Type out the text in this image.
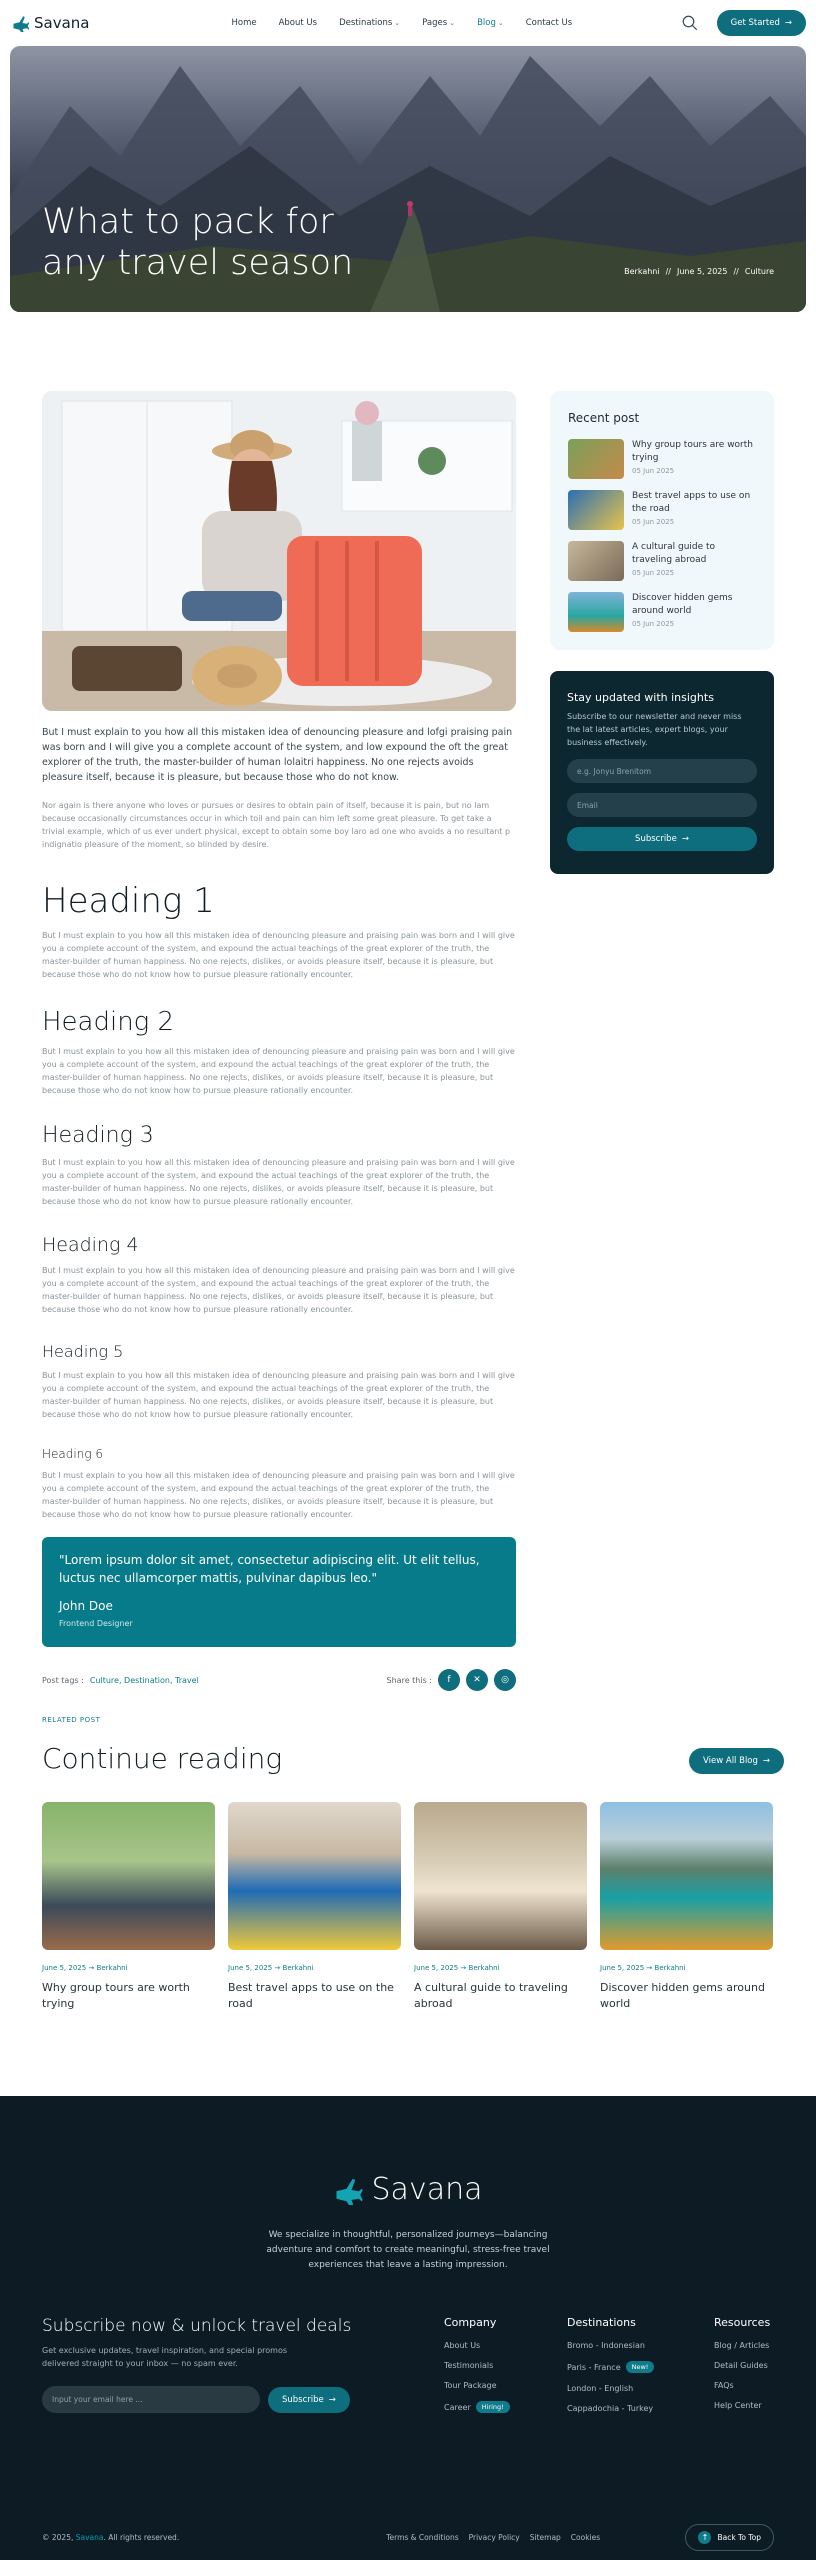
Savana	Home	About Us	Destinations ⌄	Pages ⌄	Blog ⌄	Contact Us	Get Started →
What to pack for
any travel season	Berkahni // June 5, 2025 // Culture

But I must explain to you how all this mistaken idea of denouncing pleasure and lofgi praising pain was born and I will give you a complete account of the system, and low expound the oft the great explorer of the truth, the master-builder of human lolaitri happiness. No one rejects avoids pleasure itself, because it is pleasure, but because those who do not know.

Nor again is there anyone who loves or pursues or desires to obtain pain of itself, because it is pain, but no lam because occasionally circumstances occur in which toil and pain can him left some great pleasure. To get take a trivial example, which of us ever undert physical, except to obtain some boy laro ad one who avoids a no resultant p indignatio pleasure of the moment, so blinded by desire.

Heading 1

But I must explain to you how all this mistaken idea of denouncing pleasure and praising pain was born and I will give you a complete account of the system, and expound the actual teachings of the great explorer of the truth, the master-builder of human happiness. No one rejects, dislikes, or avoids pleasure itself, because it is pleasure, but because those who do not know how to pursue pleasure rationally encounter.

Heading 2

But I must explain to you how all this mistaken idea of denouncing pleasure and praising pain was born and I will give you a complete account of the system, and expound the actual teachings of the great explorer of the truth, the master-builder of human happiness. No one rejects, dislikes, or avoids pleasure itself, because it is pleasure, but because those who do not know how to pursue pleasure rationally encounter.

Heading 3

But I must explain to you how all this mistaken idea of denouncing pleasure and praising pain was born and I will give you a complete account of the system, and expound the actual teachings of the great explorer of the truth, the master-builder of human happiness. No one rejects, dislikes, or avoids pleasure itself, because it is pleasure, but because those who do not know how to pursue pleasure rationally encounter.

Heading 4

But I must explain to you how all this mistaken idea of denouncing pleasure and praising pain was born and I will give you a complete account of the system, and expound the actual teachings of the great explorer of the truth, the master-builder of human happiness. No one rejects, dislikes, or avoids pleasure itself, because it is pleasure, but because those who do not know how to pursue pleasure rationally encounter.

Heading 5

But I must explain to you how all this mistaken idea of denouncing pleasure and praising pain was born and I will give you a complete account of the system, and expound the actual teachings of the great explorer of the truth, the master-builder of human happiness. No one rejects, dislikes, or avoids pleasure itself, because it is pleasure, but because those who do not know how to pursue pleasure rationally encounter.

Heading 6

But I must explain to you how all this mistaken idea of denouncing pleasure and praising pain was born and I will give you a complete account of the system, and expound the actual teachings of the great explorer of the truth, the master-builder of human happiness. No one rejects, dislikes, or avoids pleasure itself, because it is pleasure, but because those who do not know how to pursue pleasure rationally encounter.

"Lorem ipsum dolor sit amet, consectetur adipiscing elit. Ut elit tellus, luctus nec ullamcorper mattis, pulvinar dapibus leo."
John Doe
Frontend Designer
Post tags : Culture , Destination , Travel	Share this :	f	✕	◎
Recent post
Why group tours are worth trying
05 Jun 2025
Best travel apps to use on the road
05 Jun 2025
A cultural guide to traveling abroad
05 Jun 2025
Discover hidden gems around world
05 Jun 2025
Stay updated with insights

Subscribe to our newsletter and never miss the lat latest articles, expert blogs, your business effectively.

e.g. Jonyu Brenitom
Email
Subscribe →
RELATED POST
Continue reading	View All Blog →
June 5, 2025 → Berkahni
Why group tours are worth trying
June 5, 2025 → Berkahni
Best travel apps to use on the road
June 5, 2025 → Berkahni
A cultural guide to traveling abroad
June 5, 2025 → Berkahni
Discover hidden gems around world
Savana
We specialize in thoughtful, personalized journeys—balancing adventure and comfort to create meaningful, stress-free travel experiences that leave a lasting impression.
Subscribe now & unlock travel deals

Get exclusive updates, travel inspiration, and special promos delivered straight to your inbox — no spam ever.

Input your email here ...	Subscribe →
Company
About Us
Testimonials
Tour Package
Career	Hiring!
Destinations
Bromo - Indonesian
Paris - France	New!
London - English
Cappadochia - Turkey
Resources
Blog / Articles
Detail Guides
FAQs
Help Center
© 2025, Savana. All rights reserved.	Terms & Conditions Privacy Policy Sitemap Cookies	↑	Back To Top
